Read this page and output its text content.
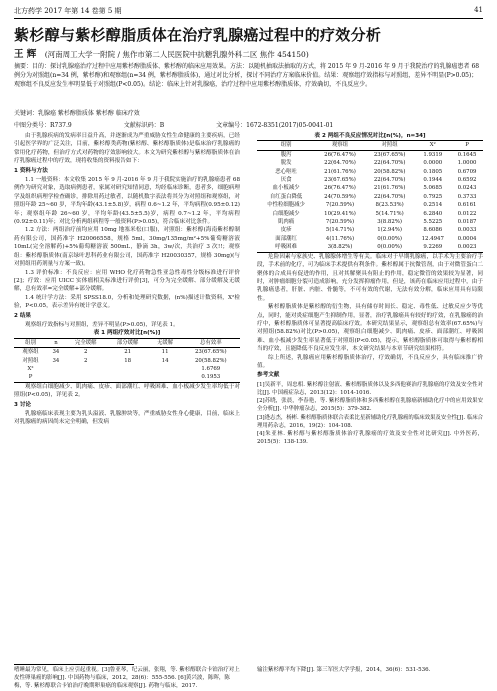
北方药学 2017 年第 14 卷第 5 期	41
紫杉醇与紫杉醇脂质体在治疗乳腺癌过程中的疗效分析
王 辉 (河南周工大学一附院 / 焦作市第二人民医院中抗糖乳腺外科二区 焦作 454150)
摘要：目的：探讨乳腺癌治疗过程中应用紫杉醇脂质体、紫杉醇的临床应用效果。方法：以随机抽取法抽取的方式，将 2015 年 9 月-2016 年 9 月于我院治疗的乳腺癌患者 68 例分为对照组(n=34 例，紫杉醇)和观察组(n=34 例，紫杉醇脂质体)，通过对比分析，探讨不同治疗方案临床价值。结果：观察组疗效指标与对照组，差异不明显(P>0.05)；观察组不良反应发生率明显低于对照组(P<0.05)。结论：临床上针对乳腺癌，治疗过程中应用紫杉醇脂质体，疗效确切，不良反应少。
关键词：乳腺癌 紫杉醇脂质体 紫杉醇 临床疗效
中图分类号：R737.9	文献标识码：B	文章编号：1672-8351(2017)05-0041-01

由于乳腺疾病的发病率日益升高，并逐渐成为严重威胁女性生命健康的主要疾病，已经引起医学界的广泛关注，目前，紫杉醇类药物(紫杉醇、紫杉醇脂质体)是临床治疗乳腺癌的常用化疗药物，但治疗方式对药物的疗效影响较大。本文为研究紫杉醇与紫杉醇脂质体在治疗乳腺癌过程中的疗效，现将收集的资料报告如下：

1 资料与方法

1.1 一般资料：本文收集 2015 年 9 月-2016 年 9 月于我院实施治疗的乳腺癌患者 68 例作为研究对象，选取病例患者，家属对研究知情同意，均经临床诊断，患者多，细胞病理学及组织病理学检查确诊，排除用药过敏者，以随机数字表法将其分为对照组和观察组，对照组年龄 25~60 岁，平均年龄(43.1±5.8)岁，病程 0.6~1.2 年，平均病程(0.95±0.12)年；观察组年龄 26~60 岁，平均年龄(43.5±5.5)岁，病程 0.7~1.2 年，平均病程(0.92±0.11)年；对比分析两组病程等一般资料(P>0.05)，符合临床对比条件。

1.2 方法：两组治疗前均应用 10mg 地塞米松(口服)，对照组：紫杉醇(海南紫杉醇制药有限公司，国药准字 H20066558，规格 5ml，30mg/135mg/m²+5%葡萄糖溶液 10mL(完全溶解药)+5%葡萄糖溶液 500mL，静滴 3h，3w/次，共治疗 3 次!!；观察组：紫杉醇脂质体(南京绿叶思科药业有限公司，国药准字 H20030357，规格 30mg)(与对照组用药剂量与方案一致)。

1.3 评价标准：不良反应：应用 WHO 化疗药物急性亚急性毒性分级标准进行评价[2]；疗效：应用 UICC 实体瘤相关标准进行评价[3]，可分为完全缓解、部分缓解及无缓解，总有效率=完全缓解+部分缓解。

1.4 统计学方法：采用 SPSS18.0，分析和处理研究数据，(n%)描述计数资料，X²检验，P<0.05，表示差异有统计学意义。

2 结果

观察组疗效指标与对照组，差异不明显(P>0.05)，详见表 1。

表 1 两组疗效对比[n(%)]
组别	n	完全缓解	部分缓解	无缓解	总有效率
观察组	34	2	21	11	23(67.65%)
对照组	34	2	18	14	20(58.82%)
X²					1.6769
P					0.1953

观察组白细胞减少、肌肉痛、皮疹、面部潮红、呼吸困难、血小板减少发生率均低于对照组(P<0.05)，详见表 2。

3 讨论

乳腺癌临床表现主要为乳头溢液、乳腺肿块等，严重威胁女性身心健康，目前，临床上对乳腺癌的病因尚未完全明确，但发病

表 2 两组不良反应情况对比[n(%)，n=34]
组别	观察组	对照组	X²	P
腹泻	26(76.47%)	23(67.65%)	1.9319	0.1645
脱发	22(64.70%)	22(64.70%)	0.0000	1.0000
恶心呕吐	21(61.76%)	20(58.82%)	0.1805	0.6709
厌食	23(67.65%)	22(64.70%)	0.1944	0.6592
血小板减少	26(76.47%)	21(61.76%)	5.0685	0.0243
自红蛋白降低	24(70.59%)	22(64.70%)	0.7925	0.3733
中性粒细胞减少	7(20.59%)	8(23.53%)	0.2514	0.6161
白细胞减少	10(29.41%)	5(14.71%)	6.2840	0.0122
肌肉痛	7(20.59%)	3(8.82%)	5.5225	0.0187
皮疹	5(14.71%)	1(2.94%)	8.6086	0.0033
面部潮红	4(11.76%)	0(0.00%)	12.4947	0.0004
呼吸困难	3(8.82%)	0(0.00%)	9.2269	0.0023

危险因素与家族史、乳腺腺体增生等有关。临床对于早期乳腺癌，以手术为主要治疗手段，手术前的化疗，可为临床手术提供有利条件。紫杉醇属于抗微管剂，由于对微管蛋白二聚体的合成具有促进的作用，且对其解聚具有阻止的作用，稳定微管的效果较为显著，同时，对肿瘤细胞分裂可造成影响，充分发挥抑瘤作用，但是，该药在临床应用过程中，由于乳腺癌患者，肝脏、内脏、骨髓等，不可有效的代谢，无法有效分解，临床应用具有局限性。

紫杉醇脂质体是紫杉醇的衍生物，具有储存时间长、稳定、毒性低、过敏反应少等优点，同时，能对炎症细胞产生抑制作用，显著，治疗乳腺癌具有较好的疗效，在乳腺癌的治疗中，紫杉醇脂质体可显著提高临床疗效。本研究结果显示，观察组总有效率(67.65%)与对照组(58.82%)对比(P>0.05)，观察组白细胞减少、肌肉痛、皮疹、面部潮红、呼吸困难、血小板减少发生率显著低于对照组(P<0.05)，提示，紫杉醇脂质体可取得与紫杉醇相当的疗效，且能降低不良反应发生率，本文研究结果与本章节研究结果相符。

综上所述，乳腺癌应用紫杉醇脂质体治疗，疗效确切，不良反应少，具有临床推广价值。

参考文献

[1]吴新平，周忠相. 紫杉醇注射液、紫杉醇脂质体以及多西他赛治疗乳腺癌的疗效及安全性对比[J]. 中国癌症杂志，2013(12)：1014-1016.

[2]苏晓，张晨，李春艳，等. 紫杉醇脂质体和多西紫杉醇在乳腺癌新辅助化疗中的应用效果安全分析[J]. 中华肿瘤杂志，2015(5)：379-382.

[3]逄志杰，杨彬. 紫杉醇脂质体联合表柔比星新辅助化疗乳腺癌的临床效果及安全性[J]. 临床合理用药杂志，2016，19(2)：104-108.

[4]朱亚林. 紫杉醇与紫杉醇脂质体治疗乳腺癌的疗效及安全性对比研究[J]. 中外医药，2015(5)：138-139.

嗜睡最为常见，临床上应引起重视。[3]鲁亚琴，纪云丽，张翔，等. 紫杉醇联合卡铂治疗对上皮性卵巢癌的影响[J]. 中国药物与临床，2012，28(6)：555-556. [6]黄兴波，陈晖，陈梅，等. 紫杉醇联合卡铂治疗晚期卵巢癌的临床观察[J]. 药物与临床，2017.
输注紫杉醇平均下降[J]. 第三军医大学学报，2014，36(6)：531-536.
